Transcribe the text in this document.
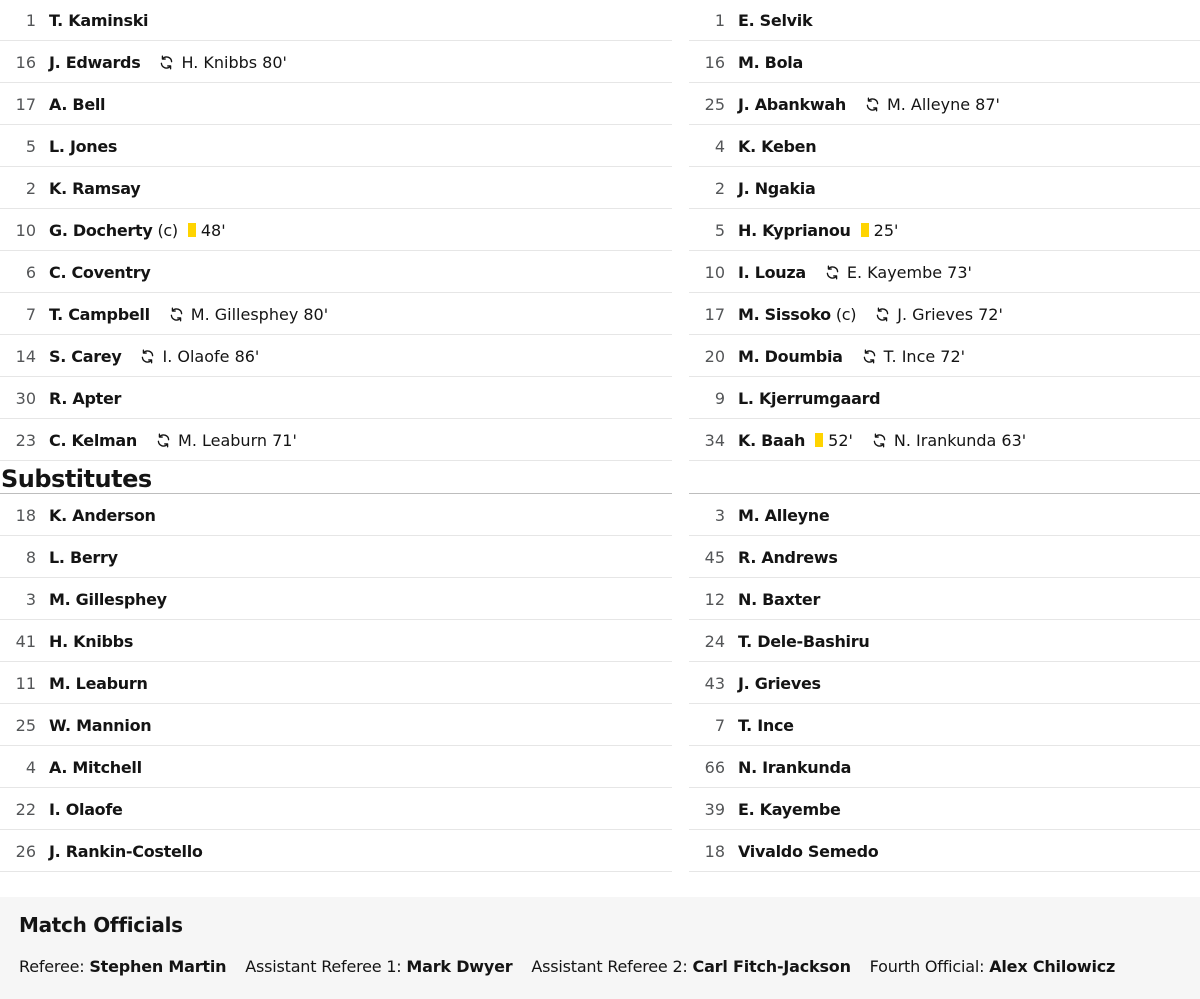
1 T. Kaminski
16 J. Edwards	H. Knibbs 80'
17 A. Bell
5 L. Jones
2 K. Ramsay
10 G. Docherty (c) 48'
6 C. Coventry
7 T. Campbell	M. Gillesphey 80'
14 S. Carey	I. Olaofe 86'
30 R. Apter
23 C. Kelman	M. Leaburn 71'
1 E. Selvik
16 M. Bola
25 J. Abankwah	M. Alleyne 87'
4 K. Keben
2 J. Ngakia
5 H. Kyprianou 25'
10 I. Louza	E. Kayembe 73'
17 M. Sissoko (c)	J. Grieves 72'
20 M. Doumbia	T. Ince 72'
9 L. Kjerrumgaard
34 K. Baah 52'	N. Irankunda 63'
Substitutes
18 K. Anderson
8 L. Berry
3 M. Gillesphey
41 H. Knibbs
11 M. Leaburn
25 W. Mannion
4 A. Mitchell
22 I. Olaofe
26 J. Rankin-Costello
3 M. Alleyne
45 R. Andrews
12 N. Baxter
24 T. Dele-Bashiru
43 J. Grieves
7 T. Ince
66 N. Irankunda
39 E. Kayembe
18 Vivaldo Semedo
Match Officials
Referee: Stephen Martin Assistant Referee 1: Mark Dwyer Assistant Referee 2: Carl Fitch-Jackson Fourth Official: Alex Chilowicz
